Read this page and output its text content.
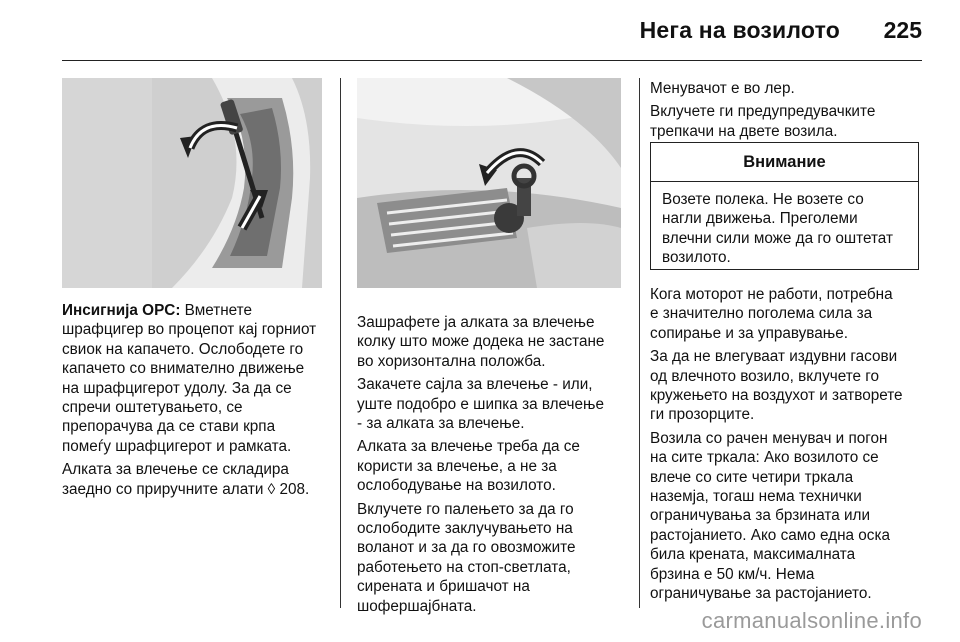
Нега на возилото 225

Инсигнија OPC: Вметнете
шрафцигер во процепот кај горниот
свиок на капачето. Ослободете го
капачето со внимателно движење
на шрафцигерот удолу. За да се
спречи оштетувањето, се
препорачува да се стави крпа
помеѓу шрафцигерот и рамката.

Алката за влечење се складира
заедно со приручните алати ◊ 208.

Зашрафете ја алката за влечење
колку што може додека не застане
во хоризонтална положба.

Закачете сајла за влечење - или,
уште подобро е шипка за влечење
- за алката за влечење.

Алката за влечење треба да се
користи за влечење, а не за
ослободување на возилото.

Вклучете го палењето за да го
ослободите заклучувањето на
воланот и за да го овозможите
работењето на стоп-светлата,
сирената и бришачот на
шофершајбната.

Менувачот е во лер.

Вклучете ги предупредувачките
трепкачи на двете возила.

Внимание
Возете полека. Не возете со
нагли движења. Преголеми
влечни сили може да го оштетат
возилото.

Кога моторот не работи, потребна
е значително поголема сила за
сопирање и за управување.

За да не влегуваат издувни гасови
од влечното возило, вклучете го
кружењето на воздухот и затворете
ги прозорците.

Возила со рачен менувач и погон
на сите тркала: Ако возилото се
влече со сите четири тркала
наземја, тогаш нема технички
ограничувања за брзината или
растојанието. Ако само една оска
била крената, максималната
брзина е 50 км/ч. Нема
ограничување за растојанието.

carmanualsonline.info
